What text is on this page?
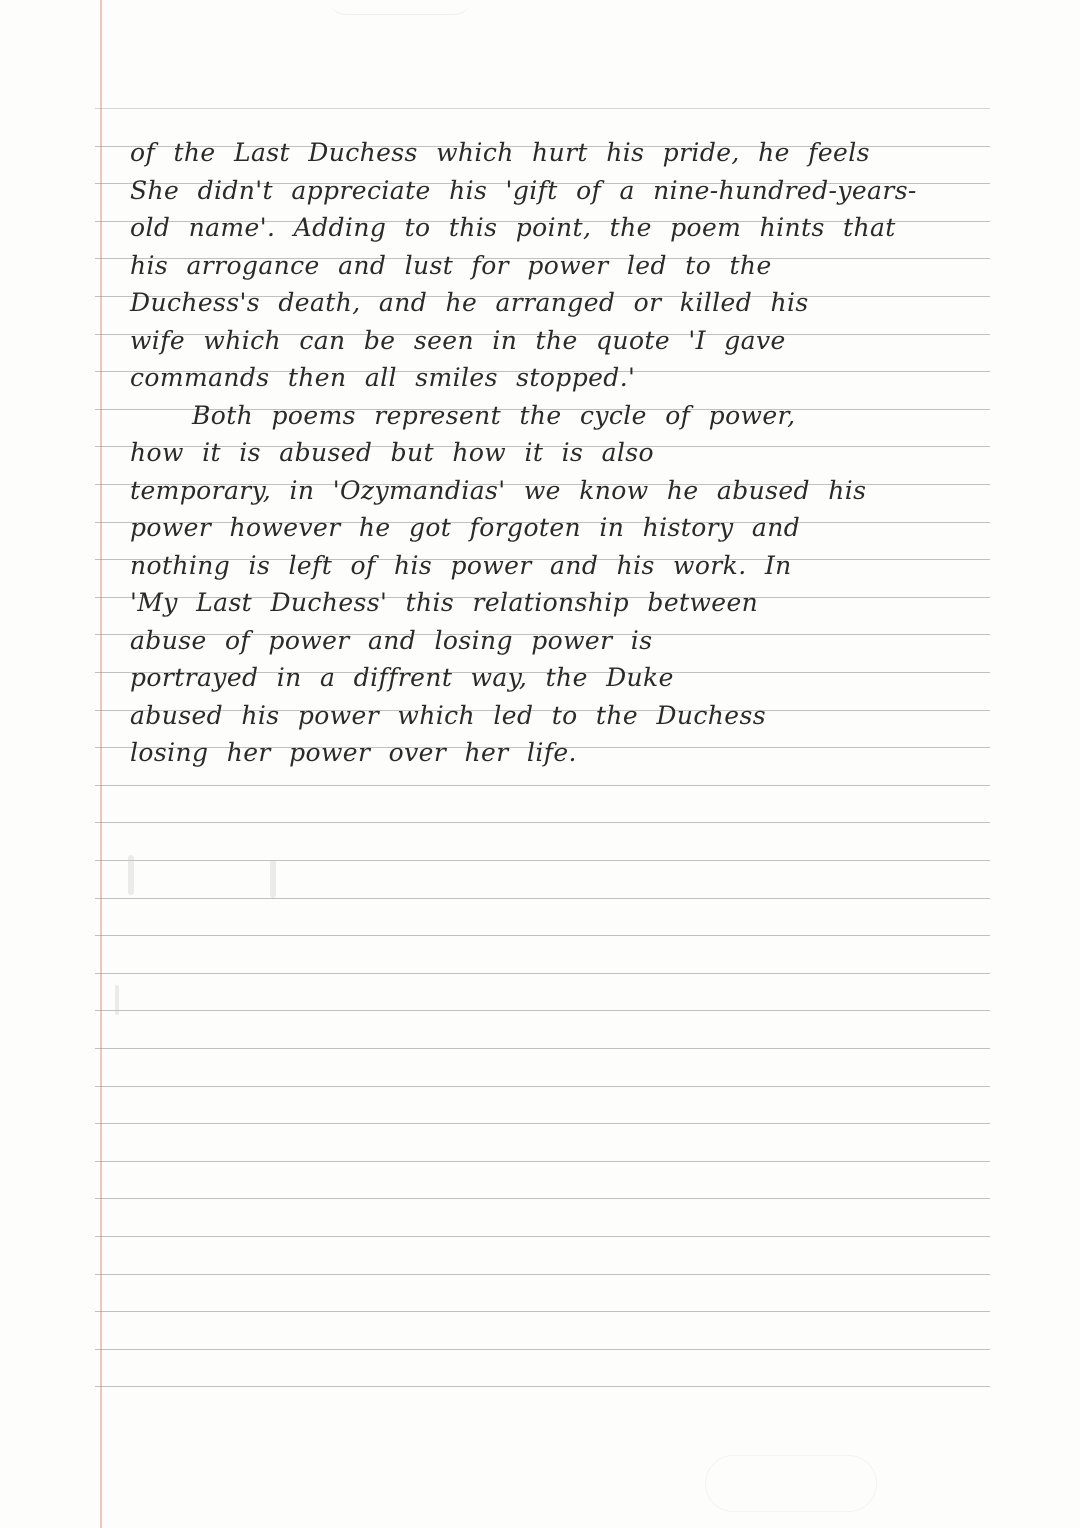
of the Last Duchess which hurt his pride, he feels
She didn't appreciate his 'gift of a nine-hundred-years-
old name'. Adding to this point, the poem hints that
his arrogance and lust for power led to the
Duchess's death, and he arranged or killed his
wife which can be seen in the quote 'I gave
commands then all smiles stopped.'
Both poems represent the cycle of power,
how it is abused but how it is also
temporary, in 'Ozymandias' we know he abused his
power however he got forgoten in history and
nothing is left of his power and his work. In
'My Last Duchess' this relationship between
abuse of power and losing power is
portrayed in a diffrent way, the Duke
abused his power which led to the Duchess
losing her power over her life.
